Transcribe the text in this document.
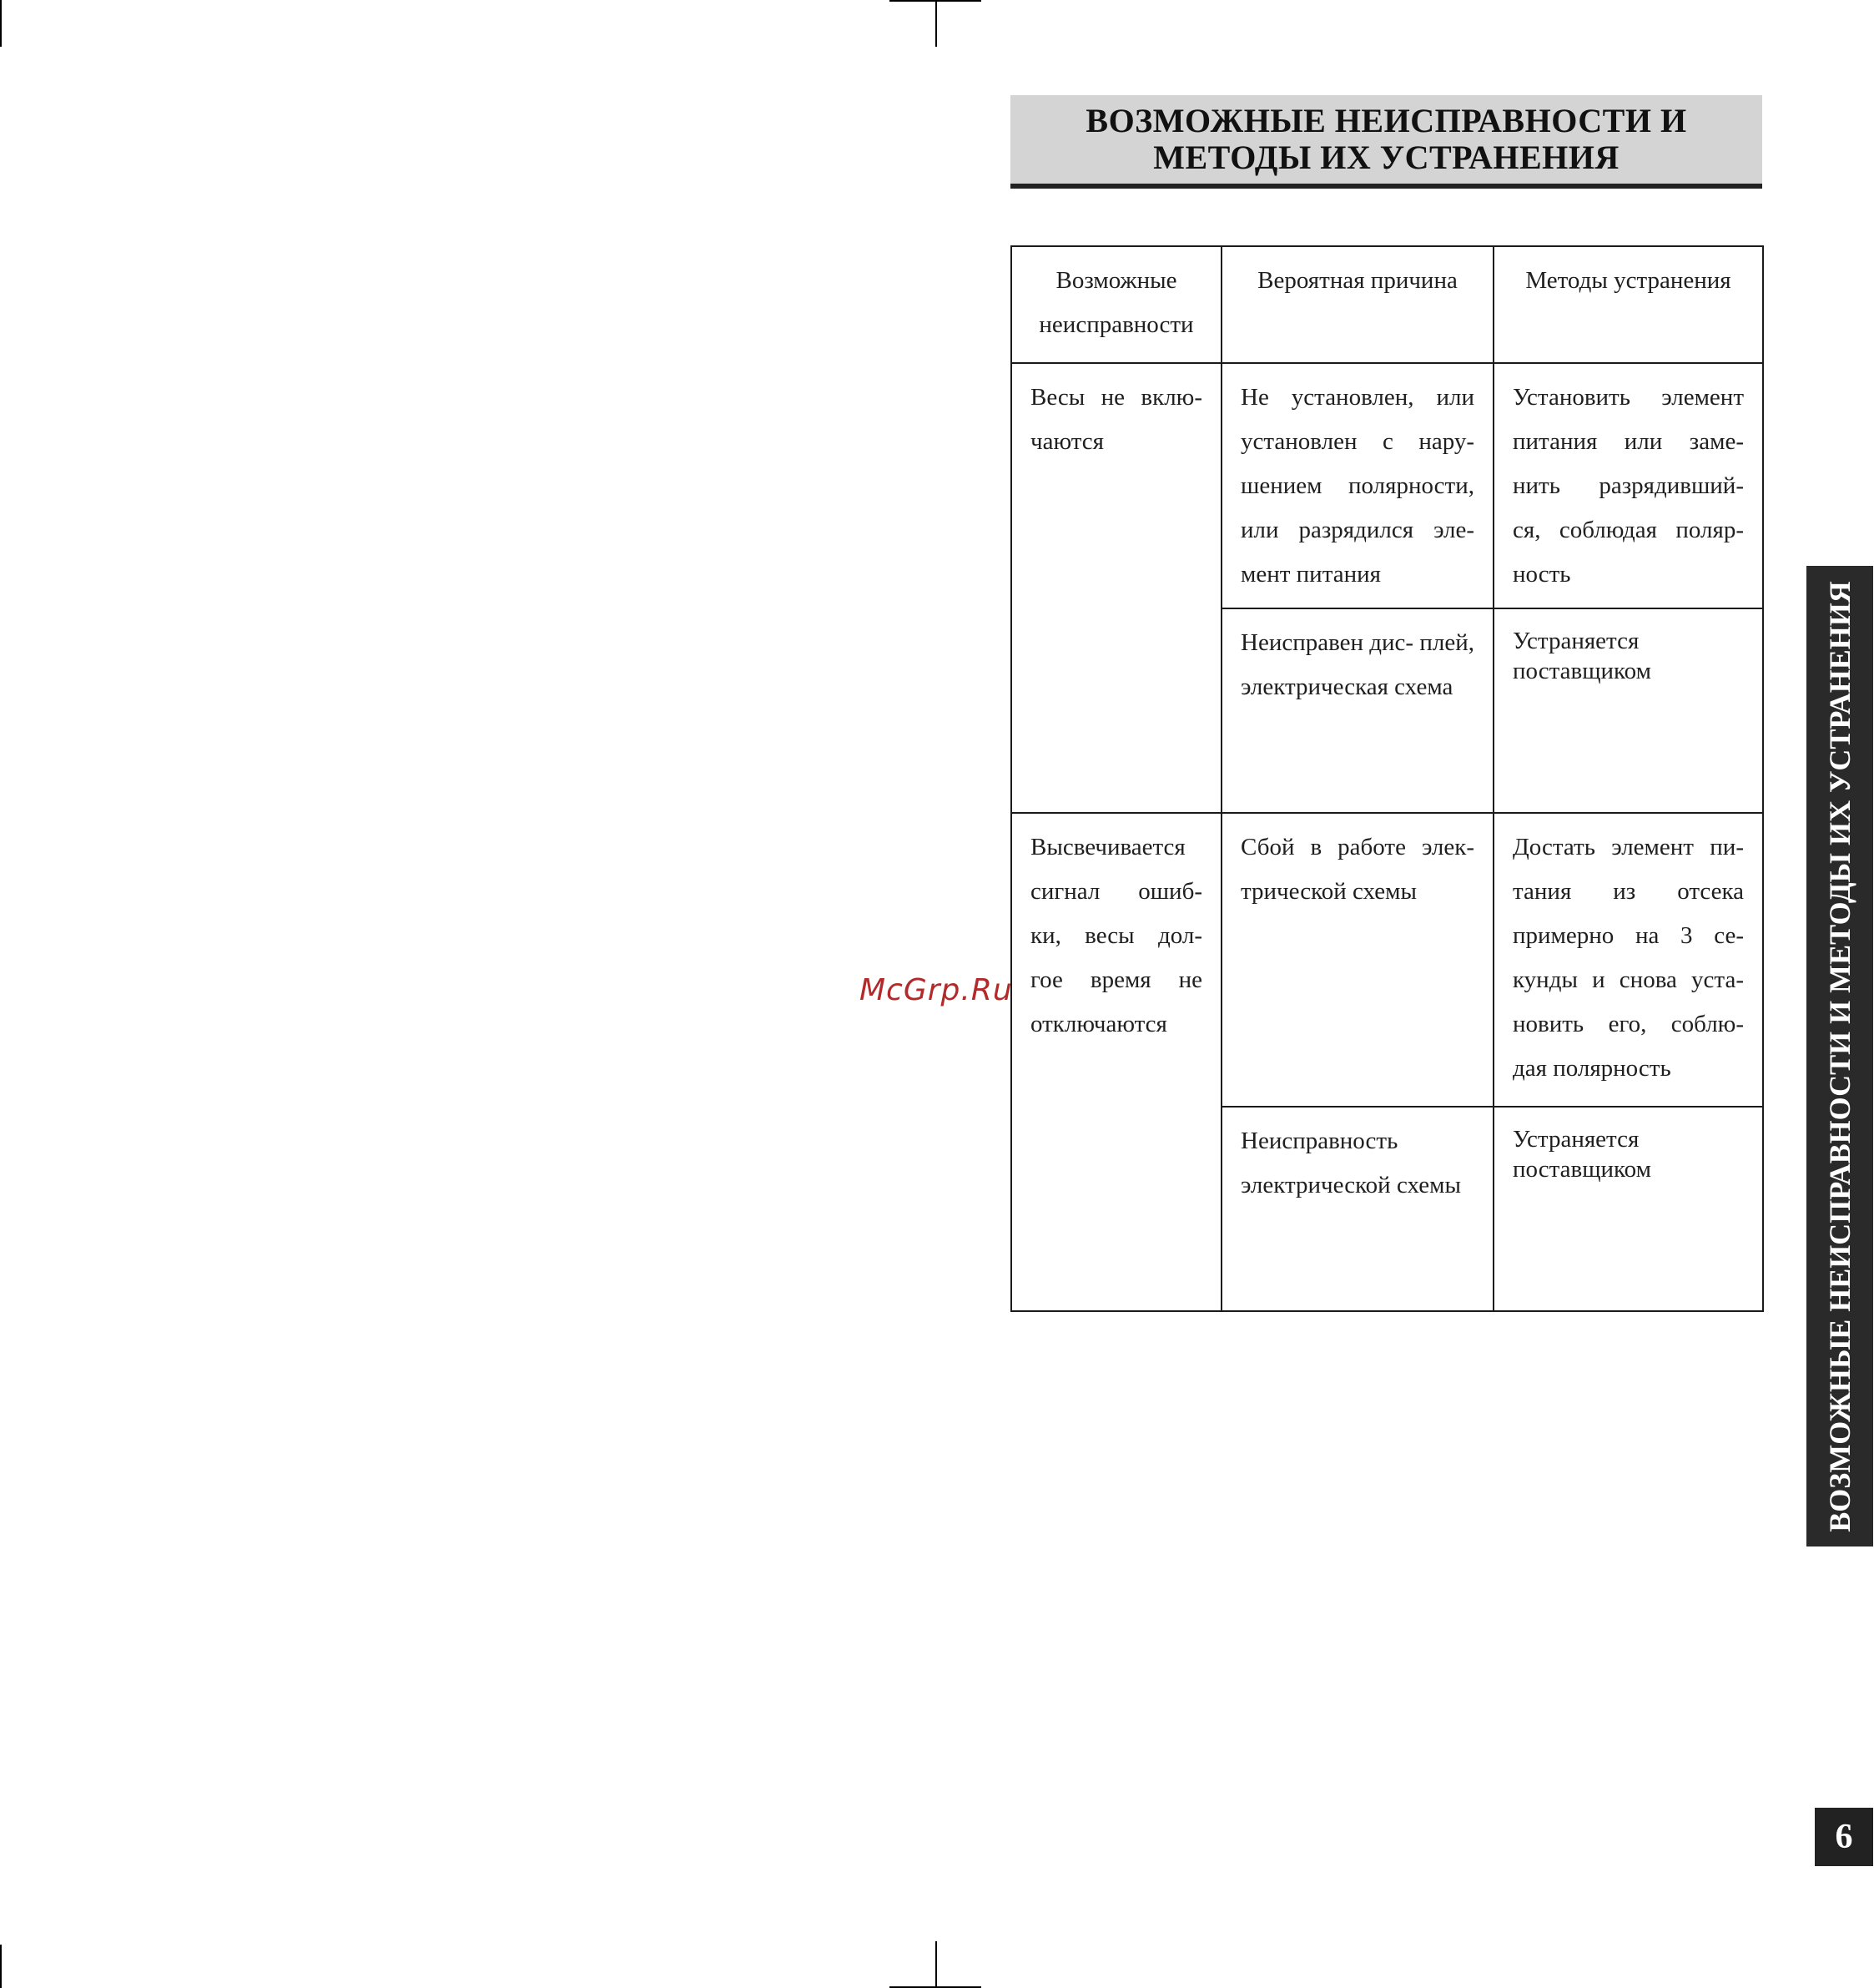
ВОЗМОЖНЫЕ НЕИСПРАВНОСТИ И
МЕТОДЫ ИХ УСТРАНЕНИЯ
Возможные неисправности	Вероятная причина	Методы устранения
Весы не вклю- чаются	Не установлен, или установлен с нару- шением полярности, или разрядился эле- мент питания	Установить элемент питания или заме- нить разрядивший- ся, соблюдая поляр- ность
	Неисправен дис- плей, электрическая схема	Устраняется поставщиком
Высвечивается сигнал ошиб- ки, весы дол- гое время не отключаются	Сбой в работе элек- трической схемы	Достать элемент пи- тания из отсека примерно на 3 се- кунды и снова уста- новить его, соблю- дая полярность
	Неисправность электрической схемы	Устраняется поставщиком
McGrp.Ru	ВОЗМОЖНЫЕ НЕИСПРАВНОСТИ И МЕТОДЫ ИХ УСТРАНЕНИЯ
6
